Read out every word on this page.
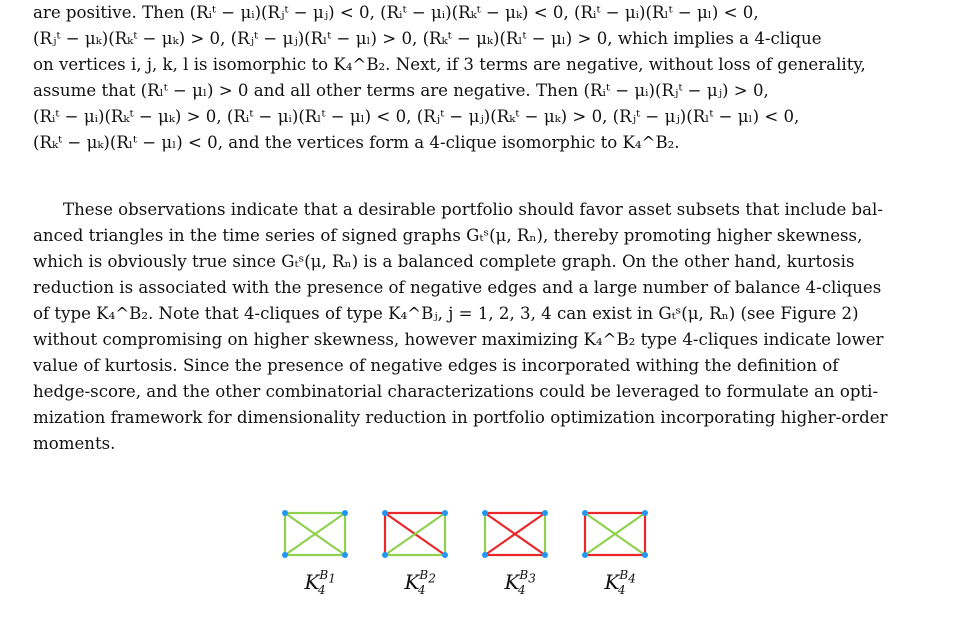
are positive. Then (Rᵢᵗ − μᵢ)(Rⱼᵗ − μⱼ) < 0, (Rᵢᵗ − μᵢ)(Rₖᵗ − μₖ) < 0, (Rᵢᵗ − μᵢ)(Rₗᵗ − μₗ) < 0,
(Rⱼᵗ − μₖ)(Rₖᵗ − μₖ) > 0, (Rⱼᵗ − μⱼ)(Rₗᵗ − μₗ) > 0, (Rₖᵗ − μₖ)(Rₗᵗ − μₗ) > 0, which implies a 4-clique
on vertices i, j, k, l is isomorphic to K₄^B₂. Next, if 3 terms are negative, without loss of generality,
assume that (Rₗᵗ − μₗ) > 0 and all other terms are negative. Then (Rᵢᵗ − μᵢ)(Rⱼᵗ − μⱼ) > 0,
(Rᵢᵗ − μᵢ)(Rₖᵗ − μₖ) > 0, (Rᵢᵗ − μᵢ)(Rₗᵗ − μₗ) < 0, (Rⱼᵗ − μⱼ)(Rₖᵗ − μₖ) > 0, (Rⱼᵗ − μⱼ)(Rₗᵗ − μₗ) < 0,
(Rₖᵗ − μₖ)(Rₗᵗ − μₗ) < 0, and the vertices form a 4-clique isomorphic to K₄^B₂.
These observations indicate that a desirable portfolio should favor asset subsets that include bal-
anced triangles in the time series of signed graphs Gₜˢ(μ, Rₙ), thereby promoting higher skewness,
which is obviously true since Gₜˢ(μ, Rₙ) is a balanced complete graph. On the other hand, kurtosis
reduction is associated with the presence of negative edges and a large number of balance 4-cliques
of type K₄^B₂. Note that 4-cliques of type K₄^Bⱼ, j = 1, 2, 3, 4 can exist in Gₜˢ(μ, Rₙ) (see Figure 2)
without compromising on higher skewness, however maximizing K₄^B₂ type 4-cliques indicate lower
value of kurtosis. Since the presence of negative edges is incorporated withing the definition of
hedge-score, and the other combinatorial characterizations could be leveraged to formulate an opti-
mization framework for dimensionality reduction in portfolio optimization incorporating higher-order
moments.
$K^{B_1}_4$	$K^{B_2}_4$	$K^{B_3}_4$	$K^{B_4}_4$
